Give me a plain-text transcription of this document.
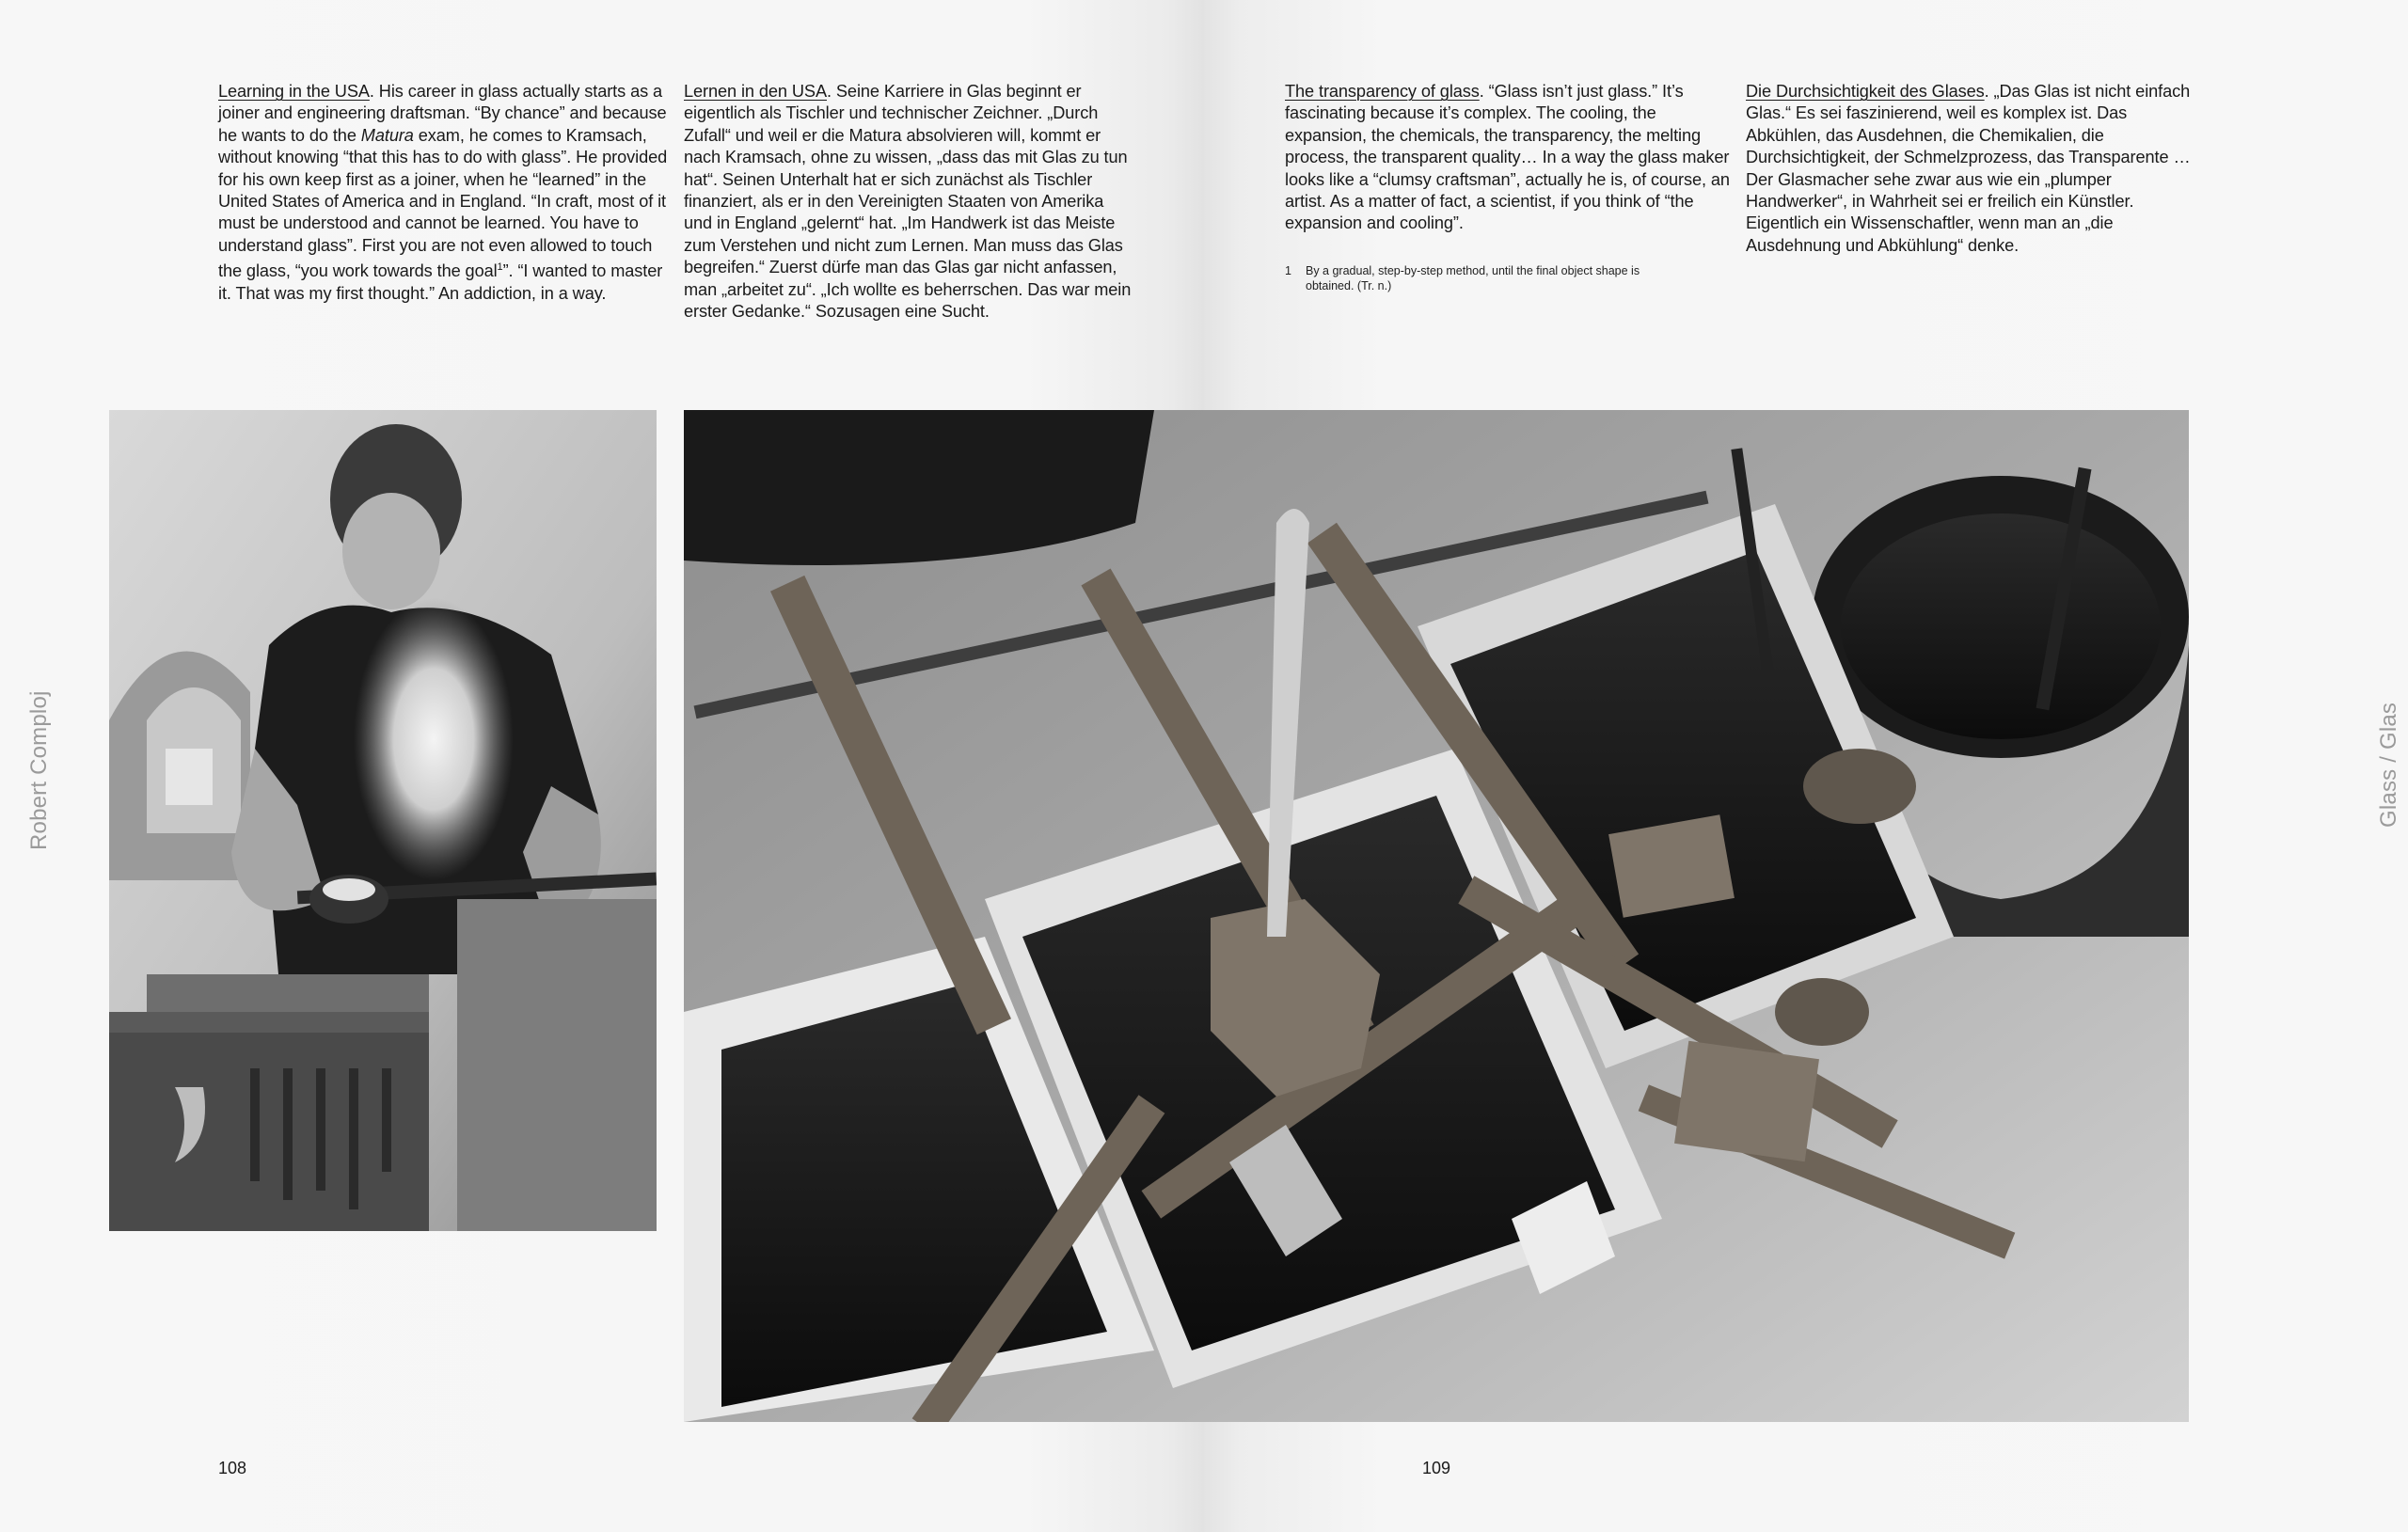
Learning in the USA. His career in glass actually starts as a joiner and engineering draftsman. “By chance” and because he wants to do the Matura exam, he comes to Kramsach, without knowing “that this has to do with glass”. He provided for his own keep first as a joiner, when he “learned” in the United States of America and in England. “In craft, most of it must be understood and cannot be learned. You have to understand glass”. First you are not even allowed to touch the glass, “you work towards the goal$^1$”. “I wanted to master it. That was my first thought.” An addiction, in a way.

Lernen in den USA. Seine Karriere in Glas beginnt er eigentlich als Tischler und technischer Zeichner. „Durch Zufall“ und weil er die Matura absolvieren will, kommt er nach Kramsach, ohne zu wissen, „dass das mit Glas zu tun hat“. Seinen Unterhalt hat er sich zunächst als Tischler finanziert, als er in den Vereinigten Staaten von Amerika und in England „gelernt“ hat. „Im Handwerk ist das Meiste zum Verstehen und nicht zum Lernen. Man muss das Glas begreifen.“ Zuerst dürfe man das Glas gar nicht anfassen, man „arbeitet zu“. „Ich wollte es beherrschen. Das war mein erster Gedanke.“ Sozusagen eine Sucht.

The transparency of glass. “Glass isn’t just glass.” It’s fascinating because it’s complex. The cooling, the expansion, the chemicals, the transparency, the melting process, the transparent quality… In a way the glass maker looks like a “clumsy craftsman”, actually he is, of course, an artist. As a matter of fact, a scientist, if you think of “the expansion and cooling”.

Die Durchsichtigkeit des Glases. „Das Glas ist nicht einfach Glas.“ Es sei faszinierend, weil es komplex ist. Das Abkühlen, das Ausdehnen, die Chemikalien, die Durchsichtigkeit, der Schmelzprozess, das Transparente … Der Glasmacher sehe zwar aus wie ein „plumper Handwerker“, in Wahrheit sei er freilich ein Künstler. Eigentlich ein Wissenschaftler, wenn man an „die Ausdehnung und Abkühlung“ denke.

1 By a gradual, step-by-step method, until the final object shape is obtained. (Tr. n.)
Robert Comploj	Glass / Glas
108	109
